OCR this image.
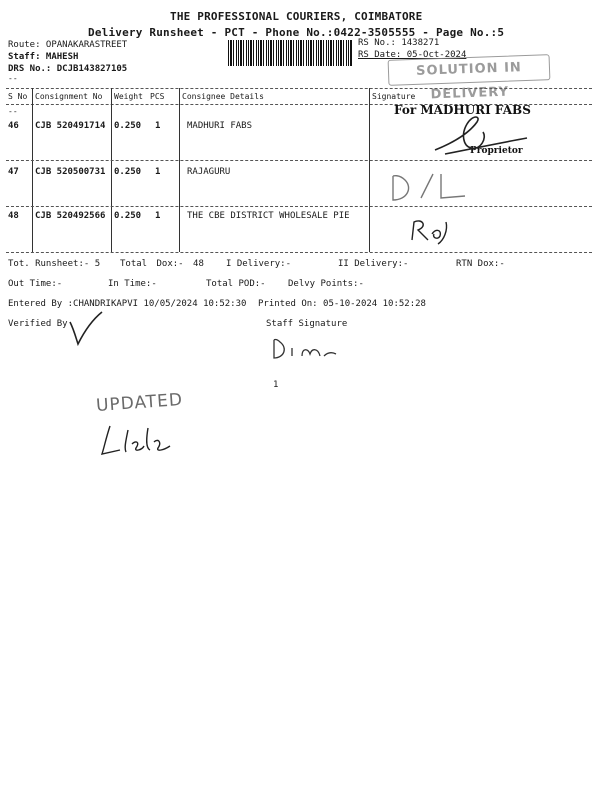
THE PROFESSIONAL COURIERS, COIMBATORE
Delivery Runsheet - PCT - Phone No.:0422-3505555 - Page No.:5
Route: OPANAKARASTREET
Staff: MAHESH
DRS No.: DCJB143827105
RS No.: 1438271
RS Date: 05-Oct-2024
SOLUTION IN DELIVERY
--
S No Consignment No Weight PCS Consignee Details	Signature
--
46 CJB 520491714 0.250 1	MADHURI FABS
For MADHURI FABS
Proprietor
47 CJB 520500731 0.250 1	RAJAGURU
48 CJB 520492566 0.250 1	THE CBE DISTRICT WHOLESALE PIE
Tot. Runsheet:- 5 Total Dox:- 48 I Delivery:-	II Delivery:-	RTN Dox:-
Out Time:-	In Time:-	Total POD:- Delvy Points:-
Entered By :CHANDRIKAPVI 10/05/2024 10:52:30 Printed On: 05-10-2024 10:52:28
Verified By	Staff Signature
1
UPDATED
